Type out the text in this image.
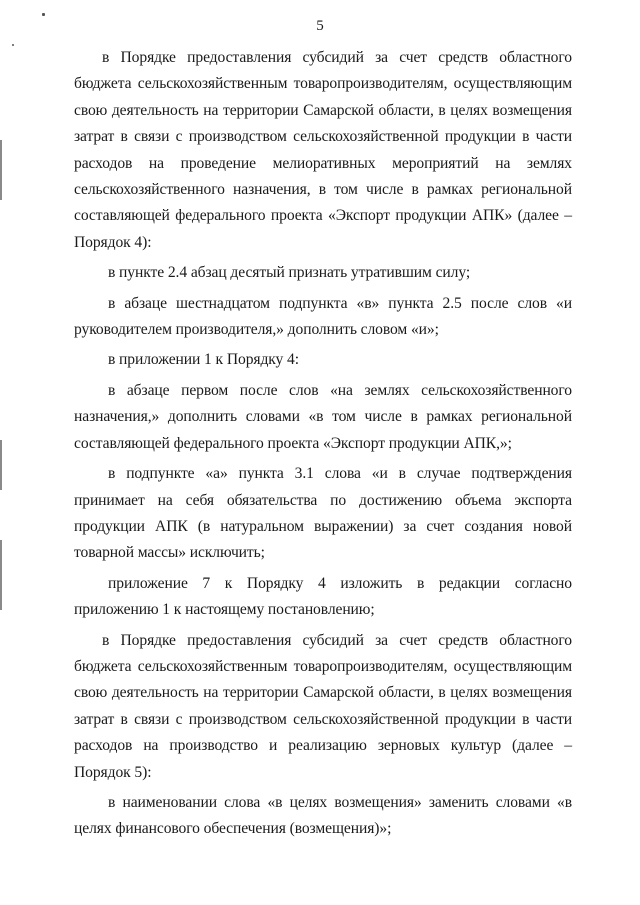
5

в Порядке предоставления субсидий за счет средств областного бюджета сельскохозяйственным товаропроизводителям, осуществляющим свою деятельность на территории Самарской области, в целях возмещения затрат в связи с производством сельскохозяйственной продукции в части расходов на проведение мелиоративных мероприятий на землях сельскохозяйственного назначения, в том числе в рамках региональной составляющей федерального проекта «Экспорт продукции АПК» (далее – Порядок 4):

в пункте 2.4 абзац десятый признать утратившим силу;

в абзаце шестнадцатом подпункта «в» пункта 2.5 после слов «и руководителем производителя,» дополнить словом «и»;

в приложении 1 к Порядку 4:

в абзаце первом после слов «на землях сельскохозяйственного назначения,» дополнить словами «в том числе в рамках региональной составляющей федерального проекта «Экспорт продукции АПК,»;

в подпункте «а» пункта 3.1 слова «и в случае подтверждения принимает на себя обязательства по достижению объема экспорта продукции АПК (в натуральном выражении) за счет создания новой товарной массы» исключить;

приложение 7 к Порядку 4 изложить в редакции согласно приложению 1 к настоящему постановлению;

в Порядке предоставления субсидий за счет средств областного бюджета сельскохозяйственным товаропроизводителям, осуществляющим свою деятельность на территории Самарской области, в целях возмещения затрат в связи с производством сельскохозяйственной продукции в части расходов на производство и реализацию зерновых культур (далее – Порядок 5):

в наименовании слова «в целях возмещения» заменить словами «в целях финансового обеспечения (возмещения)»;
